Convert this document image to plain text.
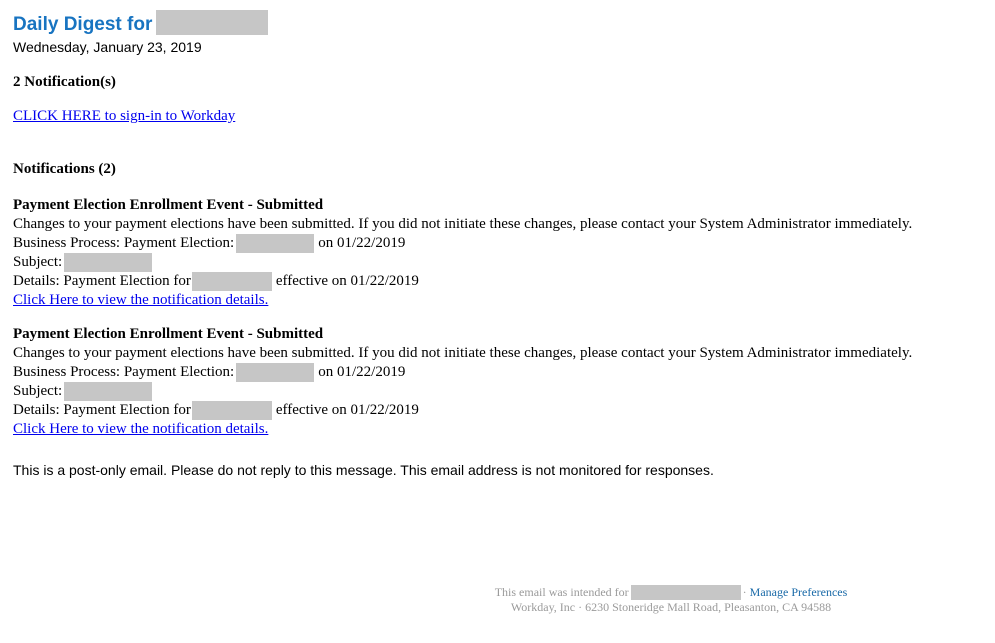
Daily Digest for
Wednesday, January 23, 2019
2 Notification(s)
CLICK HERE to sign-in to Workday
Notifications (2)
Payment Election Enrollment Event - Submitted
Changes to your payment elections have been submitted. If you did not initiate these changes, please contact your System Administrator immediately.
Business Process: Payment Election:	on 01/22/2019
Subject:
Details: Payment Election for	effective on 01/22/2019
Click Here to view the notification details.
Payment Election Enrollment Event - Submitted
Changes to your payment elections have been submitted. If you did not initiate these changes, please contact your System Administrator immediately.
Business Process: Payment Election:	on 01/22/2019
Subject:
Details: Payment Election for	effective on 01/22/2019
Click Here to view the notification details.
This is a post-only email. Please do not reply to this message. This email address is not monitored for responses.
This email was intended for	· Manage Preferences
Workday, Inc · 6230 Stoneridge Mall Road, Pleasanton, CA 94588
